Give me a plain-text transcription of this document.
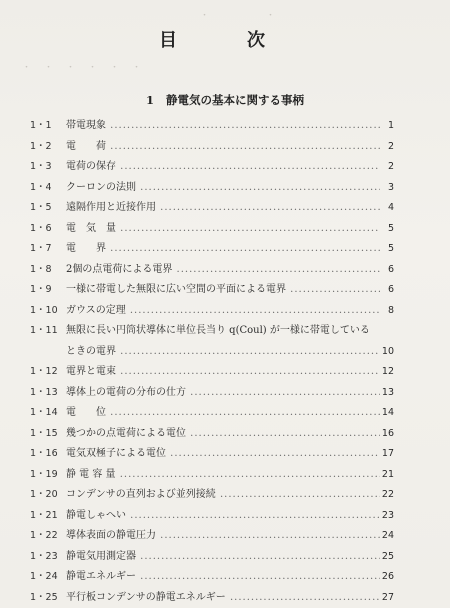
・　　　　　・
・　・　・　・　・　・
目　次
1 静電気の基本に関する事柄
1・1	帯電現象 .....	1
1・2	電　　荷 .....	2
1・3	電荷の保存 .....	2
1・4	クーロンの法則 .....	3
1・5	遠隔作用と近接作用 .....	4
1・6	電　気　量 .....	5
1・7	電　　界 .....	5
1・8	2個の点電荷による電界 .....	6
1・9	一様に帯電した無限に広い空間の平面による電界 .....	6
1・10 ガウスの定理 .....	8
1・11 無限に長い円筒状導体に単位長当り q(Coul) が一様に帯電している
ときの電界 .....	10
1・12 電界と電束 .....	12
1・13 導体上の電荷の分布の仕方 .....	13
1・14 電　　位 .....	14
1・15 幾つかの点電荷による電位 .....	16
1・16 電気双極子による電位 .....	17
1・19 静 電 容 量 .....	21
1・20 コンデンサの直列および並列接続 .....	22
1・21 静電しゃへい .....	23
1・22 導体表面の静電圧力 .....	24
1・23 静電気用測定器 .....	25
1・24 静電エネルギー .....	26
1・25 平行板コンデンサの静電エネルギー .....	27
